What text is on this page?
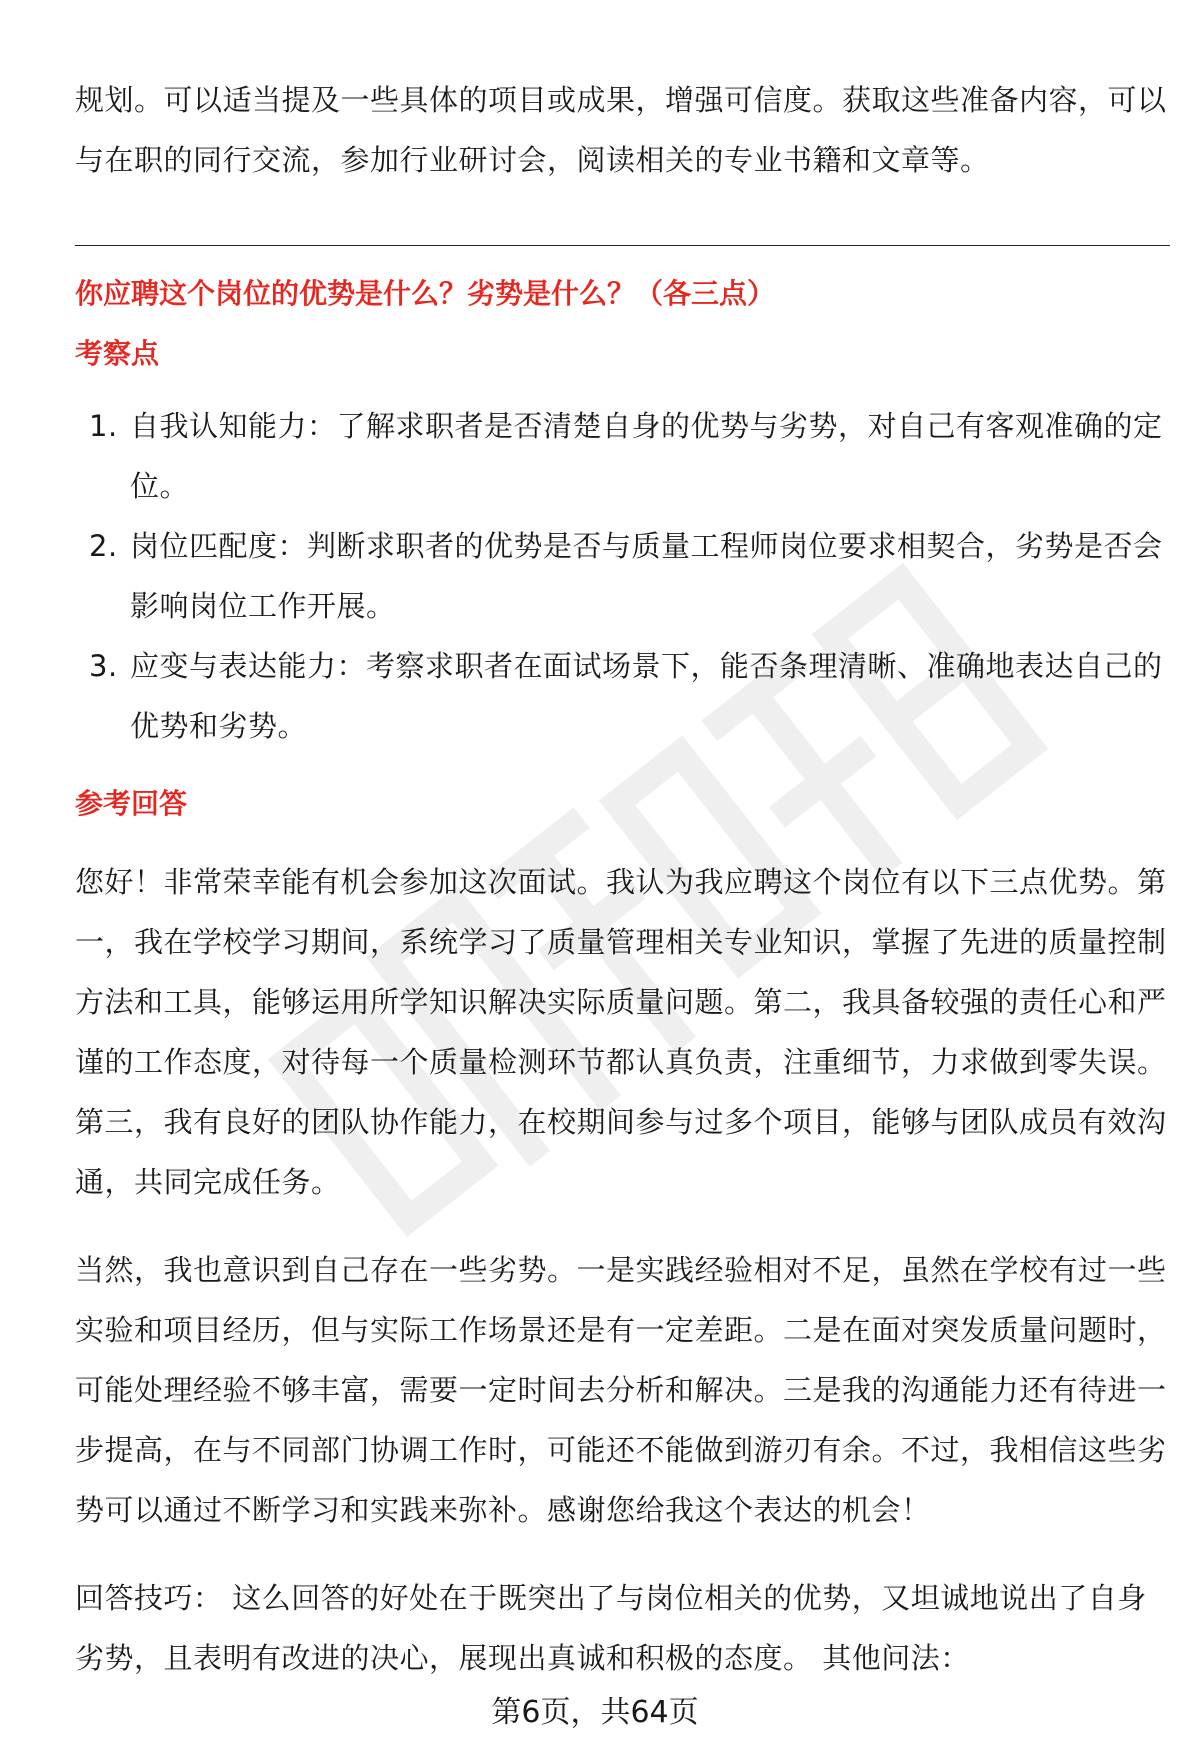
规划。可以适当提及一些具体的项目或成果，增强可信度。获取这些准备内容，可以与在职的同行交流，参加行业研讨会，阅读相关的专业书籍和文章等。

你应聘这个岗位的优势是什么？劣势是什么？（各三点）

考察点

1. 自我认知能力：了解求职者是否清楚自身的优势与劣势，对自己有客观准确的定位。
2. 岗位匹配度：判断求职者的优势是否与质量工程师岗位要求相契合，劣势是否会影响岗位工作开展。
3. 应变与表达能力：考察求职者在面试场景下，能否条理清晰、准确地表达自己的优势和劣势。

参考回答

您好！非常荣幸能有机会参加这次面试。我认为我应聘这个岗位有以下三点优势。第一，我在学校学习期间，系统学习了质量管理相关专业知识，掌握了先进的质量控制方法和工具，能够运用所学知识解决实际质量问题。第二，我具备较强的责任心和严谨的工作态度，对待每一个质量检测环节都认真负责，注重细节，力求做到零失误。第三，我有良好的团队协作能力，在校期间参与过多个项目，能够与团队成员有效沟通，共同完成任务。

当然，我也意识到自己存在一些劣势。一是实践经验相对不足，虽然在学校有过一些实验和项目经历，但与实际工作场景还是有一定差距。二是在面对突发质量问题时，可能处理经验不够丰富，需要一定时间去分析和解决。三是我的沟通能力还有待进一步提高，在与不同部门协调工作时，可能还不能做到游刃有余。不过，我相信这些劣势可以通过不断学习和实践来弥补。感谢您给我这个表达的机会！

回答技巧： 这么回答的好处在于既突出了与岗位相关的优势，又坦诚地说出了自身劣势，且表明有改进的决心，展现出真诚和积极的态度。 其他问法：

第6页，共64页
